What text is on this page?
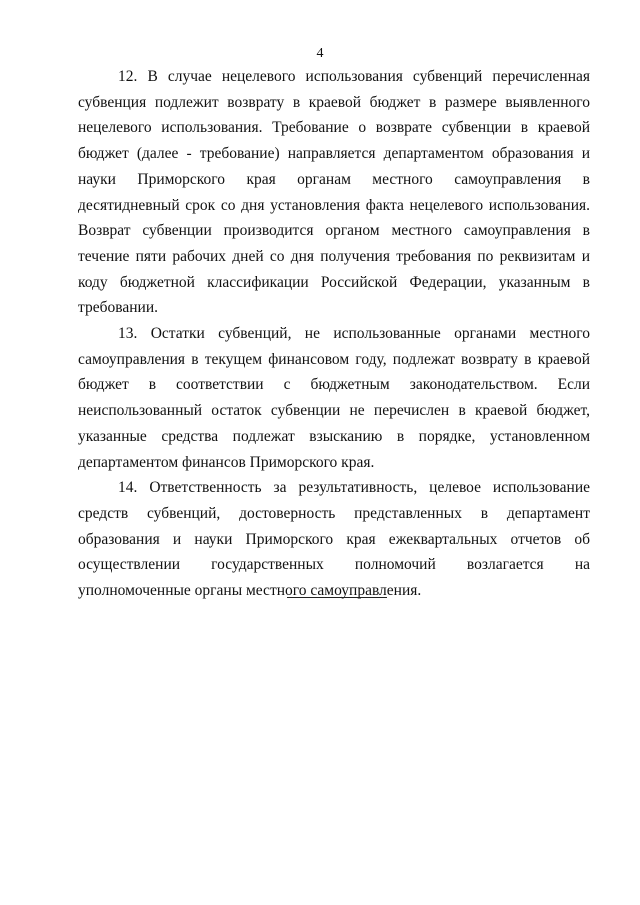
4

12. В случае нецелевого использования субвенций перечисленная субвенция подлежит возврату в краевой бюджет в размере выявленного нецелевого использования. Требование о возврате субвенции в краевой бюджет (далее - требование) направляется департаментом образования и науки Приморского края органам местного самоуправления в десятидневный срок со дня установления факта нецелевого использования. Возврат субвенции производится органом местного самоуправления в течение пяти рабочих дней со дня получения требования по реквизитам и коду бюджетной классификации Российской Федерации, указанным в требовании.

13. Остатки субвенций, не использованные органами местного самоуправления в текущем финансовом году, подлежат возврату в краевой бюджет в соответствии с бюджетным законодательством. Если неиспользованный остаток субвенции не перечислен в краевой бюджет, указанные средства подлежат взысканию в порядке, установленном департаментом финансов Приморского края.

14. Ответственность за результативность, целевое использование средств субвенций, достоверность представленных в департамент образования и науки Приморского края ежеквартальных отчетов об осуществлении государственных полномочий возлагается на уполномоченные органы местного самоуправления.
